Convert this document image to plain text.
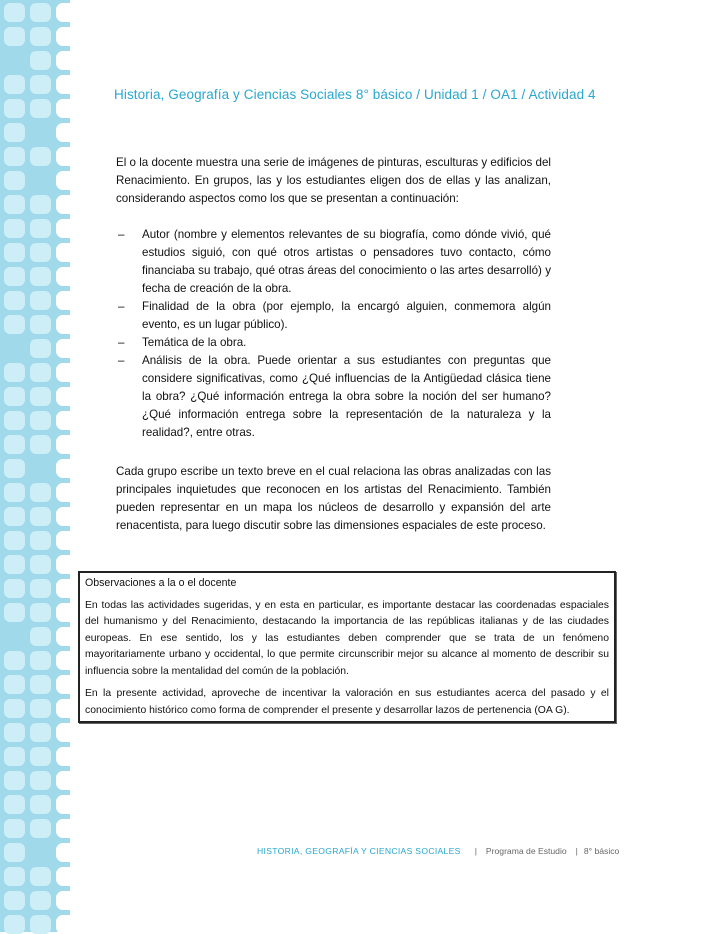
Historia, Geografía y Ciencias Sociales 8° básico / Unidad 1 / OA1 / Actividad 4
El o la docente muestra una serie de imágenes de pinturas, esculturas y edificios del Renacimiento. En grupos, las y los estudiantes eligen dos de ellas y las analizan, considerando aspectos como los que se presentan a continuación:
– Autor (nombre y elementos relevantes de su biografía, como dónde vivió, qué estudios siguió, con qué otros artistas o pensadores tuvo contacto, cómo financiaba su trabajo, qué otras áreas del conocimiento o las artes desarrolló) y fecha de creación de la obra.
– Finalidad de la obra (por ejemplo, la encargó alguien, conmemora algún evento, es un lugar público).
– Temática de la obra.
– Análisis de la obra. Puede orientar a sus estudiantes con preguntas que considere significativas, como ¿Qué influencias de la Antigüedad clásica tiene la obra? ¿Qué información entrega la obra sobre la noción del ser humano? ¿Qué información entrega sobre la representación de la naturaleza y la realidad?, entre otras.
Cada grupo escribe un texto breve en el cual relaciona las obras analizadas con las principales inquietudes que reconocen en los artistas del Renacimiento. También pueden representar en un mapa los núcleos de desarrollo y expansión del arte renacentista, para luego discutir sobre las dimensiones espaciales de este proceso.
Observaciones a la o el docente

En todas las actividades sugeridas, y en esta en particular, es importante destacar las coordenadas espaciales del humanismo y del Renacimiento, destacando la importancia de las repúblicas italianas y de las ciudades europeas. En ese sentido, los y las estudiantes deben comprender que se trata de un fenómeno mayoritariamente urbano y occidental, lo que permite circunscribir mejor su alcance al momento de describir su influencia sobre la mentalidad del común de la población.

En la presente actividad, aproveche de incentivar la valoración en sus estudiantes acerca del pasado y el conocimiento histórico como forma de comprender el presente y desarrollar lazos de pertenencia (OA G).

HISTORIA, GEOGRAFÍA Y CIENCIAS SOCIALES | Programa de Estudio | 8° básico
